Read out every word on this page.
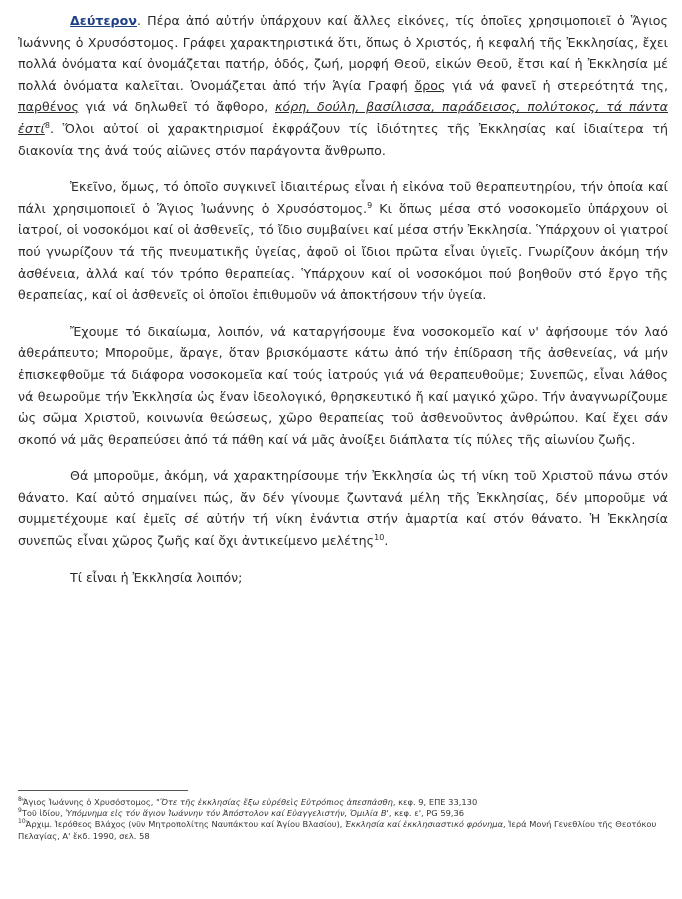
Δεύτερον. Πέρα ἀπό αὐτήν ὑπάρχουν καί ἄλλες εἰκόνες, τίς ὁποῖες χρησιμοποιεῖ ὁ Ἅγιος Ἰωάννης ὁ Χρυσόστομος. Γράφει χαρακτηριστικά ὅτι, ὅπως ὁ Χριστός, ἡ κεφαλή τῆς Ἐκκλησίας, ἔχει πολλά ὀνόματα καί ὀνομάζεται πατήρ, ὁδός, ζωή, μορφή Θεοῦ, εἰκών Θεοῦ, ἔτσι καί ἡ Ἐκκλησία μέ πολλά ὀνόματα καλεῖται. Ὀνομάζεται ἀπό τήν Ἁγία Γραφή ὄρος γιά νά φανεῖ ἡ στερεότητά της, παρθένος γιά νά δηλωθεῖ τό ἄφθορο, κόρη, δούλη, βασίλισσα, παράδεισος, πολύτοκος, τά πάντα ἐστί$^8$. Ὅλοι αὐτοί οἱ χαρακτηρισμοί ἐκφράζουν τίς ἰδιότητες τῆς Ἐκκλησίας καί ἰδιαίτερα τή διακονία της ἀνά τούς αἰῶνες στόν παράγοντα ἄνθρωπο.

Ἐκεῖνο, ὅμως, τό ὁποῖο συγκινεῖ ἰδιαιτέρως εἶναι ἡ εἰκόνα τοῦ θεραπευτηρίου, τήν ὁποία καί πάλι χρησιμοποιεῖ ὁ Ἅγιος Ἰωάννης ὁ Χρυσόστομος.$^9$ Κι ὅπως μέσα στό νοσοκομεῖο ὑπάρχουν οἱ ἰατροί, οἱ νοσοκόμοι καί οἱ ἀσθενεῖς, τό ἴδιο συμβαίνει καί μέσα στήν Ἐκκλησία. Ὑπάρχουν οἱ γιατροί πού γνωρίζουν τά τῆς πνευματικῆς ὑγείας, ἀφοῦ οἱ ἴδιοι πρῶτα εἶναι ὑγιεῖς. Γνωρίζουν ἀκόμη τήν ἀσθένεια, ἀλλά καί τόν τρόπο θεραπείας. Ὑπάρχουν καί οἱ νοσοκόμοι πού βοηθοῦν στό ἔργο τῆς θεραπείας, καί οἱ ἀσθενεῖς οἱ ὁποῖοι ἐπιθυμοῦν νά ἀποκτήσουν τήν ὑγεία.

Ἔχουμε τό δικαίωμα, λοιπόν, νά καταργήσουμε ἕνα νοσοκομεῖο καί ν' ἀφήσουμε τόν λαό ἀθεράπευτο; Μποροῦμε, ἄραγε, ὅταν βρισκόμαστε κάτω ἀπό τήν ἐπίδραση τῆς ἀσθενείας, νά μήν ἐπισκεφθοῦμε τά διάφορα νοσοκομεῖα καί τούς ἰατρούς γιά νά θεραπευθοῦμε; Συνεπῶς, εἶναι λάθος νά θεωροῦμε τήν Ἐκκλησία ὡς ἕναν ἰδεολογικό, θρησκευτικό ἤ καί μαγικό χῶρο. Τήν ἀναγνωρίζουμε ὡς σῶμα Χριστοῦ, κοινωνία θεώσεως, χῶρο θεραπείας τοῦ ἀσθενοῦντος ἀνθρώπου. Καί ἔχει σάν σκοπό νά μᾶς θεραπεύσει ἀπό τά πάθη καί νά μᾶς ἀνοίξει διάπλατα τίς πύλες τῆς αἰωνίου ζωῆς.

Θά μποροῦμε, ἀκόμη, νά χαρακτηρίσουμε τήν Ἐκκλησία ὡς τή νίκη τοῦ Χριστοῦ πάνω στόν θάνατο. Καί αὐτό σημαίνει πώς, ἄν δέν γίνουμε ζωντανά μέλη τῆς Ἐκκλησίας, δέν μποροῦμε νά συμμετέχουμε καί ἐμεῖς σέ αὐτήν τή νίκη ἐνάντια στήν ἁμαρτία καί στόν θάνατο. Ἡ Ἐκκλησία συνεπῶς εἶναι χῶρος ζωῆς καί ὄχι ἀντικείμενο μελέτης$^{10}$.

Τί εἶναι ἡ Ἐκκλησία λοιπόν;

$^8$Ἅγιος Ἰωάννης ὁ Χρυσόστομος, "Ὅτε τῆς ἐκκλησίας ἔξω εὑρέθεὶς Εὐτρόπιος ἀπεσπάσθη, κεφ. 9, ΕΠΕ 33,130

$^9$Τοῦ ἰδίου, Ὑπόμνημα εἰς τόν ἅγιον Ἰωάννην τόν Ἀπόστολον καί Εὐαγγελιστήν, Ὁμιλία Β', κεφ. ε', PG 59,36

$^{10}$Ἀρχιμ. Ἱερόθεος Βλάχος (νῦν Μητροπολίτης Ναυπάκτου καί Ἁγίου Βλασίου), Ἐκκλησία καί ἐκκλησιαστικό φρόνημα, Ἱερά Μονή Γενεθλίου τῆς Θεοτόκου Πελαγίας, Α' ἔκδ. 1990, σελ. 58
